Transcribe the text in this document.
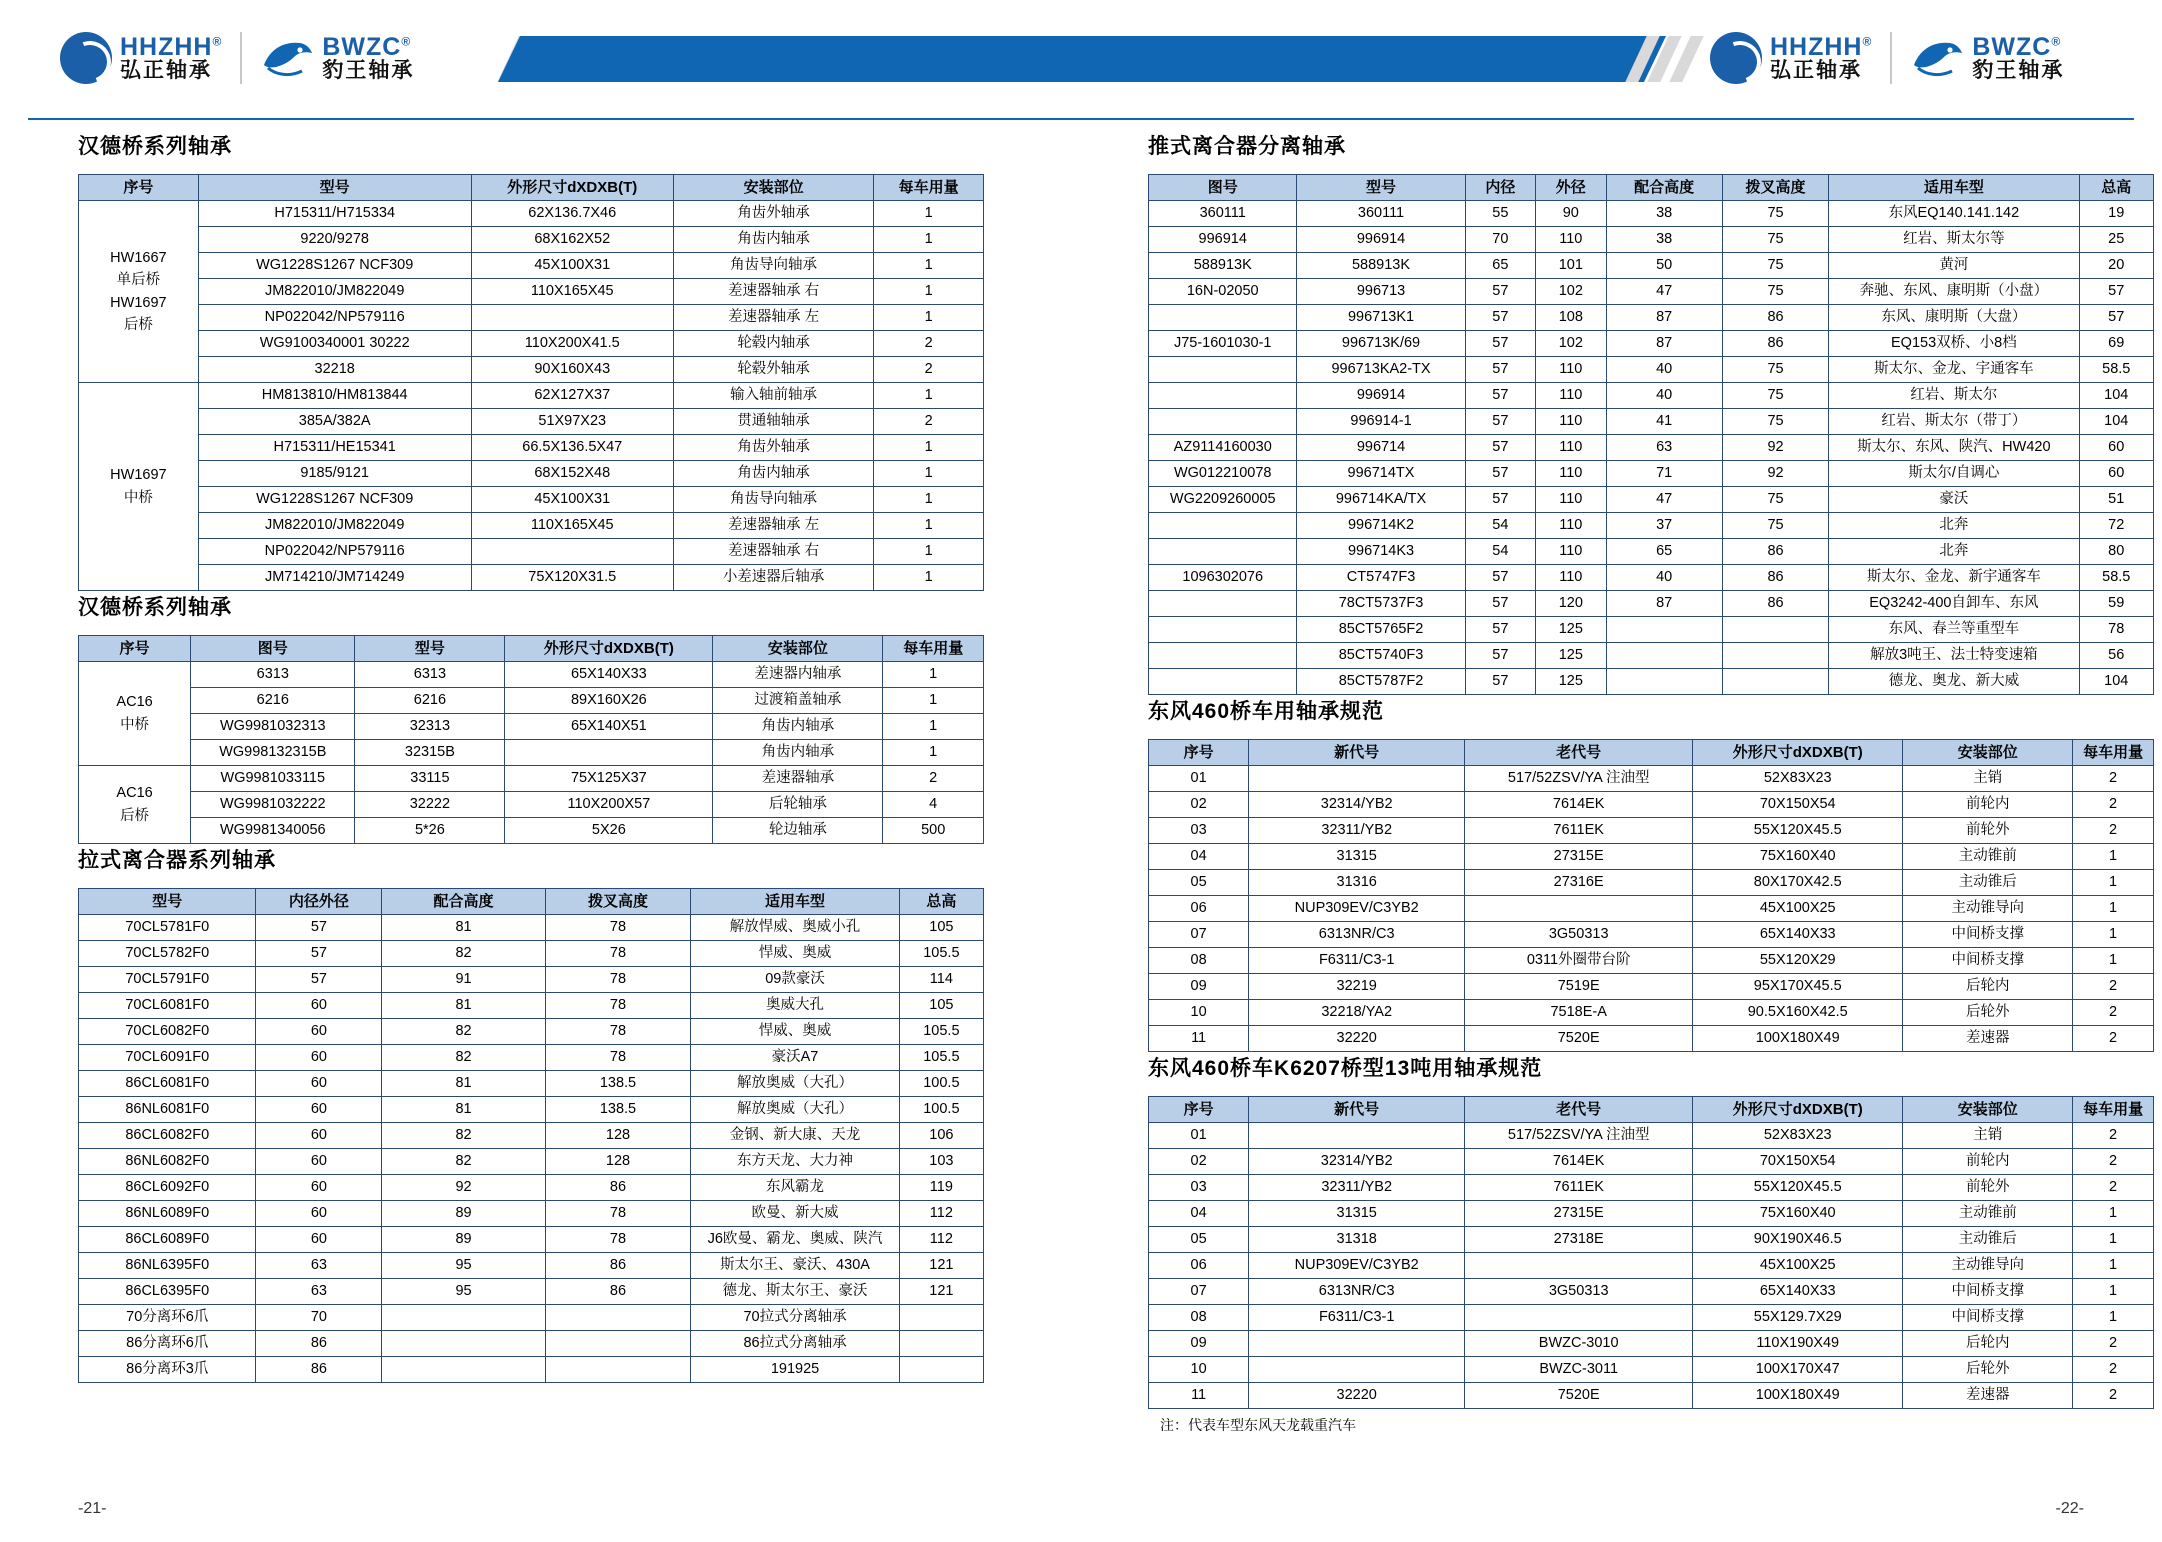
HHZHH®
弘正轴承
BWZC®
豹王轴承
100%车用轴承专家	100%车用轴承专家
HHZHH®
弘正轴承
BWZC®
豹王轴承
汉德桥系列轴承
序号	型号	外形尺寸dXDXB(T)	安装部位	每车用量
HW1667
单后桥
HW1697
后桥	H715311/H715334	62X136.7X46	角齿外轴承	1
	9220/9278	68X162X52	角齿内轴承	1
	WG1228S1267 NCF309	45X100X31	角齿导向轴承	1
	JM822010/JM822049	110X165X45	差速器轴承 右	1
	NP022042/NP579116		差速器轴承 左	1
	WG9100340001 30222	110X200X41.5	轮毂内轴承	2
	32218	90X160X43	轮毂外轴承	2
HW1697
中桥	HM813810/HM813844	62X127X37	输入轴前轴承	1
	385A/382A	51X97X23	贯通轴轴承	2
	H715311/HE15341	66.5X136.5X47	角齿外轴承	1
	9185/9121	68X152X48	角齿内轴承	1
	WG1228S1267 NCF309	45X100X31	角齿导向轴承	1
	JM822010/JM822049	110X165X45	差速器轴承 左	1
	NP022042/NP579116		差速器轴承 右	1
	JM714210/JM714249	75X120X31.5	小差速器后轴承	1
汉德桥系列轴承
序号	图号	型号	外形尺寸dXDXB(T)	安装部位	每车用量
AC16
中桥	6313	6313	65X140X33	差速器内轴承	1
	6216	6216	89X160X26	过渡箱盖轴承	1
	WG9981032313	32313	65X140X51	角齿内轴承	1
	WG998132315B	32315B		角齿内轴承	1
AC16
后桥	WG9981033115	33115	75X125X37	差速器轴承	2
	WG9981032222	32222	110X200X57	后轮轴承	4
	WG9981340056	5*26	5X26	轮边轴承	500
拉式离合器系列轴承
型号	内径外径	配合高度	拨叉高度	适用车型	总高
70CL5781F0	57	81	78	解放悍威、奥威小孔	105
70CL5782F0	57	82	78	悍威、奥威	105.5
70CL5791F0	57	91	78	09款豪沃	114
70CL6081F0	60	81	78	奥威大孔	105
70CL6082F0	60	82	78	悍威、奥威	105.5
70CL6091F0	60	82	78	豪沃A7	105.5
86CL6081F0	60	81	138.5	解放奥威（大孔）	100.5
86NL6081F0	60	81	138.5	解放奥威（大孔）	100.5
86CL6082F0	60	82	128	金钢、新大康、天龙	106
86NL6082F0	60	82	128	东方天龙、大力神	103
86CL6092F0	60	92	86	东风霸龙	119
86NL6089F0	60	89	78	欧曼、新大威	112
86CL6089F0	60	89	78	J6欧曼、霸龙、奥威、陕汽	112
86NL6395F0	63	95	86	斯太尔王、豪沃、430A	121
86CL6395F0	63	95	86	德龙、斯太尔王、豪沃	121
70分离环6爪	70			70拉式分离轴承	
86分离环6爪	86			86拉式分离轴承	
86分离环3爪	86			191925	
推式离合器分离轴承
图号	型号	内径	外径	配合高度	拨叉高度	适用车型	总高
360111	360111	55	90	38	75	东风EQ140.141.142	19
996914	996914	70	110	38	75	红岩、斯太尔等	25
588913K	588913K	65	101	50	75	黄河	20
16N-02050	996713	57	102	47	75	奔驰、东风、康明斯（小盘）	57
	996713K1	57	108	87	86	东风、康明斯（大盘）	57
J75-1601030-1	996713K/69	57	102	87	86	EQ153双桥、小8档	69
	996713KA2-TX	57	110	40	75	斯太尔、金龙、宇通客车	58.5
	996914	57	110	40	75	红岩、斯太尔	104
	996914-1	57	110	41	75	红岩、斯太尔（带丁）	104
AZ9114160030	996714	57	110	63	92	斯太尔、东风、陕汽、HW420	60
WG012210078	996714TX	57	110	71	92	斯太尔/自调心	60
WG2209260005	996714KA/TX	57	110	47	75	豪沃	51
	996714K2	54	110	37	75	北奔	72
	996714K3	54	110	65	86	北奔	80
1096302076	CT5747F3	57	110	40	86	斯太尔、金龙、新宇通客车	58.5
	78CT5737F3	57	120	87	86	EQ3242-400自卸车、东风	59
	85CT5765F2	57	125			东风、春兰等重型车	78
	85CT5740F3	57	125			解放3吨王、法士特变速箱	56
	85CT5787F2	57	125			德龙、奥龙、新大威	104
东风460桥车用轴承规范
序号	新代号	老代号	外形尺寸dXDXB(T)	安装部位	每车用量
01		517/52ZSV/YA 注油型	52X83X23	主销	2
02	32314/YB2	7614EK	70X150X54	前轮内	2
03	32311/YB2	7611EK	55X120X45.5	前轮外	2
04	31315	27315E	75X160X40	主动锥前	1
05	31316	27316E	80X170X42.5	主动锥后	1
06	NUP309EV/C3YB2		45X100X25	主动锥导向	1
07	6313NR/C3	3G50313	65X140X33	中间桥支撑	1
08	F6311/C3-1	0311外圈带台阶	55X120X29	中间桥支撑	1
09	32219	7519E	95X170X45.5	后轮内	2
10	32218/YA2	7518E-A	90.5X160X42.5	后轮外	2
11	32220	7520E	100X180X49	差速器	2
东风460桥车K6207桥型13吨用轴承规范
序号	新代号	老代号	外形尺寸dXDXB(T)	安装部位	每车用量
01		517/52ZSV/YA 注油型	52X83X23	主销	2
02	32314/YB2	7614EK	70X150X54	前轮内	2
03	32311/YB2	7611EK	55X120X45.5	前轮外	2
04	31315	27315E	75X160X40	主动锥前	1
05	31318	27318E	90X190X46.5	主动锥后	1
06	NUP309EV/C3YB2		45X100X25	主动锥导向	1
07	6313NR/C3	3G50313	65X140X33	中间桥支撑	1
08	F6311/C3-1		55X129.7X29	中间桥支撑	1
09		BWZC-3010	110X190X49	后轮内	2
10		BWZC-3011	100X170X47	后轮外	2
11	32220	7520E	100X180X49	差速器	2
注：代表车型东风天龙载重汽车
-21-	-22-
